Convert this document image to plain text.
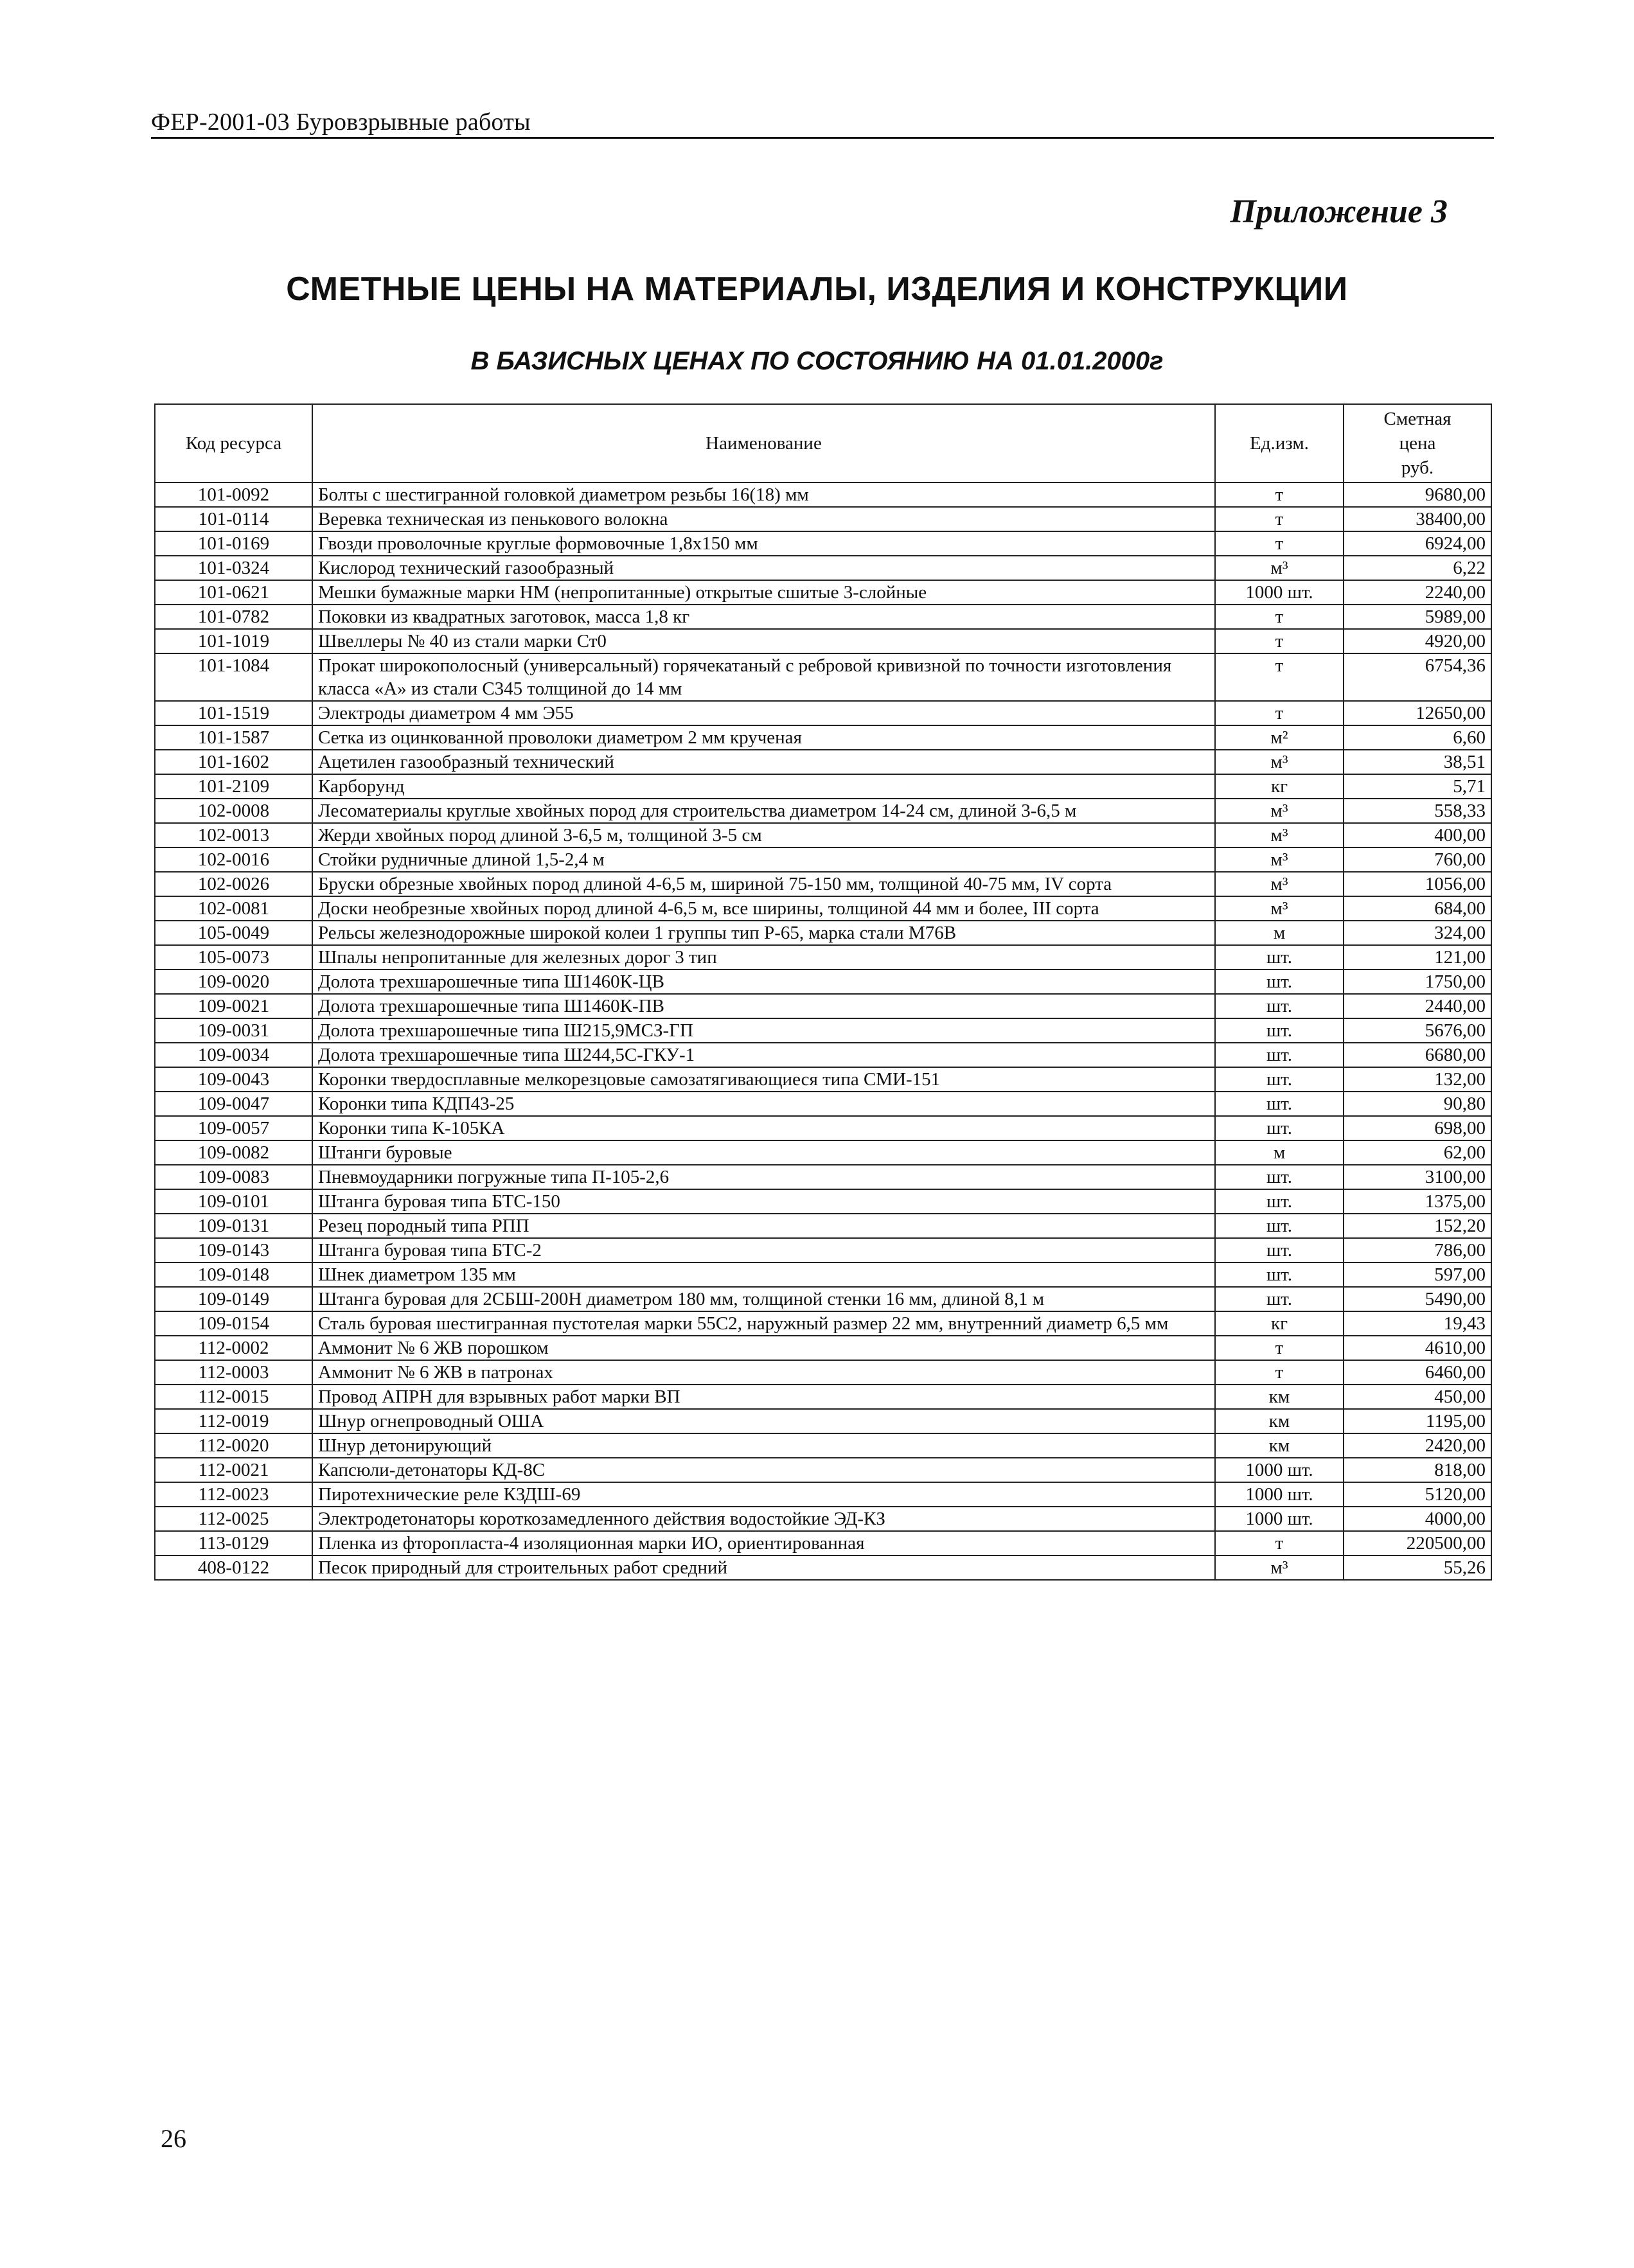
ФЕР-2001-03 Буровзрывные работы
Приложение 3
СМЕТНЫЕ ЦЕНЫ НА МАТЕРИАЛЫ, ИЗДЕЛИЯ И КОНСТРУКЦИИ
В БАЗИСНЫХ ЦЕНАХ ПО СОСТОЯНИЮ НА 01.01.2000г
Код ресурса	Наименование	Ед.изм.	Сметная
цена
руб.
101-0092	Болты с шестигранной головкой диаметром резьбы 16(18) мм	т	9680,00
101-0114	Веревка техническая из пенькового волокна	т	38400,00
101-0169	Гвозди проволочные круглые формовочные 1,8х150 мм	т	6924,00
101-0324	Кислород технический газообразный	м³	6,22
101-0621	Мешки бумажные марки НМ (непропитанные) открытые сшитые 3-слойные	1000 шт.	2240,00
101-0782	Поковки из квадратных заготовок, масса 1,8 кг	т	5989,00
101-1019	Швеллеры № 40 из стали марки Ст0	т	4920,00
101-1084	Прокат широкополосный (универсальный) горячекатаный с ребровой кривизной по точности изготовления класса «А» из стали С345 толщиной до 14 мм	т	6754,36
101-1519	Электроды диаметром 4 мм Э55	т	12650,00
101-1587	Сетка из оцинкованной проволоки диаметром 2 мм крученая	м²	6,60
101-1602	Ацетилен газообразный технический	м³	38,51
101-2109	Карборунд	кг	5,71
102-0008	Лесоматериалы круглые хвойных пород для строительства диаметром 14-24 см, длиной 3-6,5 м	м³	558,33
102-0013	Жерди хвойных пород длиной 3-6,5 м, толщиной 3-5 см	м³	400,00
102-0016	Стойки рудничные длиной 1,5-2,4 м	м³	760,00
102-0026	Бруски обрезные хвойных пород длиной 4-6,5 м, шириной 75-150 мм, толщиной 40-75 мм, IV сорта	м³	1056,00
102-0081	Доски необрезные хвойных пород длиной 4-6,5 м, все ширины, толщиной 44 мм и более, III сорта	м³	684,00
105-0049	Рельсы железнодорожные широкой колеи 1 группы тип Р-65, марка стали М76В	м	324,00
105-0073	Шпалы непропитанные для железных дорог 3 тип	шт.	121,00
109-0020	Долота трехшарошечные типа Ш1460К-ЦВ	шт.	1750,00
109-0021	Долота трехшарошечные типа Ш1460К-ПВ	шт.	2440,00
109-0031	Долота трехшарошечные типа Ш215,9МСЗ-ГП	шт.	5676,00
109-0034	Долота трехшарошечные типа Ш244,5С-ГКУ-1	шт.	6680,00
109-0043	Коронки твердосплавные мелкорезцовые самозатягивающиеся типа СМИ-151	шт.	132,00
109-0047	Коронки типа КДП43-25	шт.	90,80
109-0057	Коронки типа К-105КА	шт.	698,00
109-0082	Штанги буровые	м	62,00
109-0083	Пневмоударники погружные типа П-105-2,6	шт.	3100,00
109-0101	Штанга буровая типа БТС-150	шт.	1375,00
109-0131	Резец породный типа РПП	шт.	152,20
109-0143	Штанга буровая типа БТС-2	шт.	786,00
109-0148	Шнек диаметром 135 мм	шт.	597,00
109-0149	Штанга буровая для 2СБШ-200Н диаметром 180 мм, толщиной стенки 16 мм, длиной 8,1 м	шт.	5490,00
109-0154	Сталь буровая шестигранная пустотелая марки 55С2, наружный размер 22 мм, внутренний диаметр 6,5 мм	кг	19,43
112-0002	Аммонит № 6 ЖВ порошком	т	4610,00
112-0003	Аммонит № 6 ЖВ в патронах	т	6460,00
112-0015	Провод АПРН для взрывных работ марки ВП	км	450,00
112-0019	Шнур огнепроводный ОША	км	1195,00
112-0020	Шнур детонирующий	км	2420,00
112-0021	Капсюли-детонаторы КД-8С	1000 шт.	818,00
112-0023	Пиротехнические реле КЗДШ-69	1000 шт.	5120,00
112-0025	Электродетонаторы короткозамедленного действия водостойкие ЭД-КЗ	1000 шт.	4000,00
113-0129	Пленка из фторопласта-4 изоляционная марки ИО, ориентированная	т	220500,00
408-0122	Песок природный для строительных работ средний	м³	55,26
26
